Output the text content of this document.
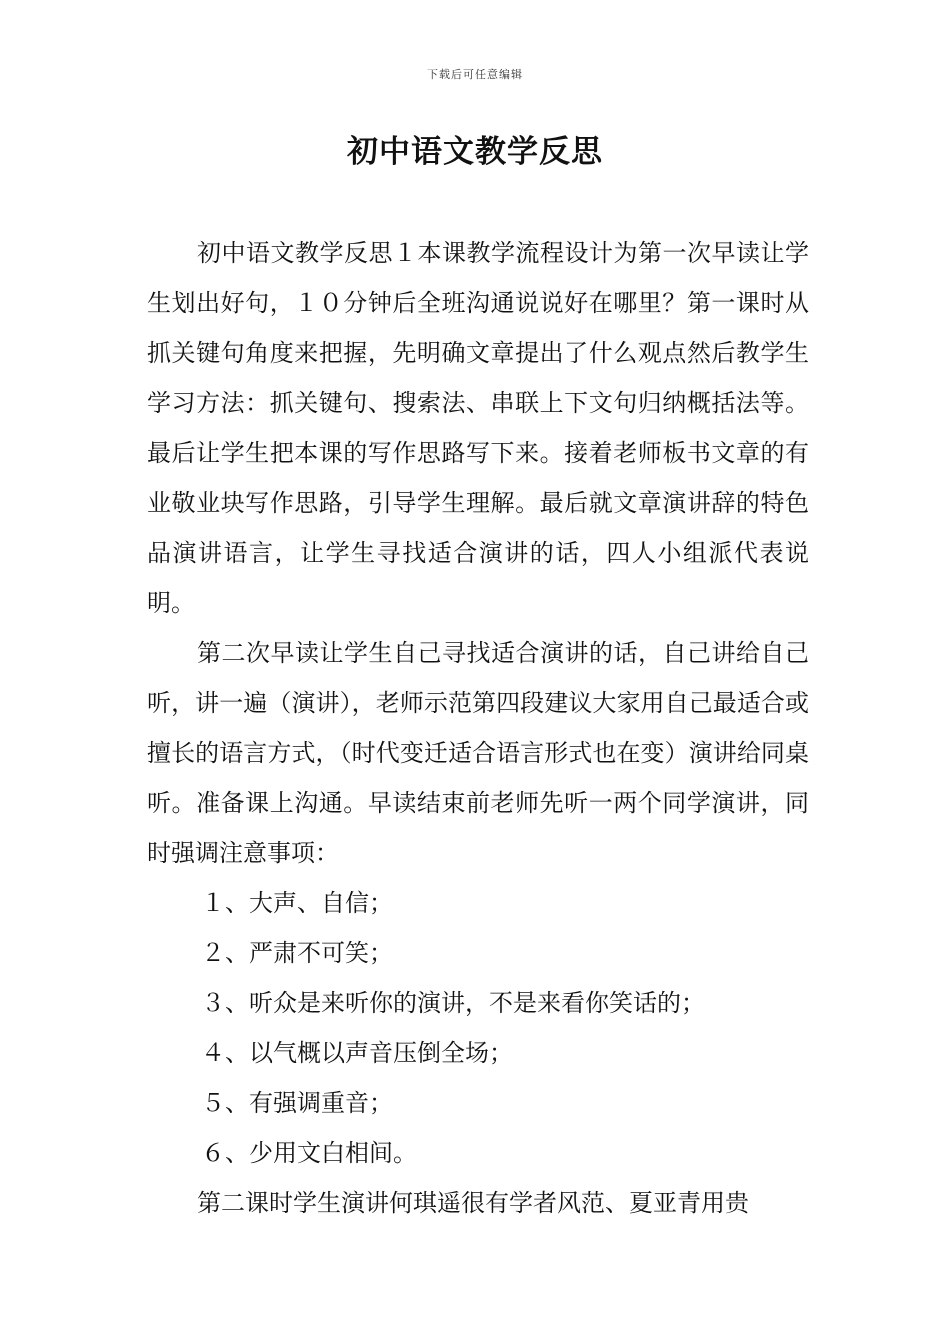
下载后可任意编辑
初中语文教学反思

初中语文教学反思１本课教学流程设计为第一次早读让学生划出好句，１０分钟后全班沟通说说好在哪里？第一课时从抓关键句角度来把握，先明确文章提出了什么观点然后教学生学习方法：抓关键句、搜索法、串联上下文句归纳概括法等。最后让学生把本课的写作思路写下来。接着老师板书文章的有业敬业块写作思路，引导学生理解。最后就文章演讲辞的特色品演讲语言，让学生寻找适合演讲的话，四人小组派代表说明。

第二次早读让学生自己寻找适合演讲的话，自己讲给自己听，讲一遍（演讲），老师示范第四段建议大家用自己最适合或擅长的语言方式，（时代变迁适合语言形式也在变）演讲给同桌听。准备课上沟通。早读结束前老师先听一两个同学演讲，同时强调注意事项：

１、大声、自信；

２、严肃不可笑；

３、听众是来听你的演讲，不是来看你笑话的；

４、以气概以声音压倒全场；

５、有强调重音；

６、少用文白相间。

第二课时学生演讲何琪遥很有学者风范、夏亚青用贵
